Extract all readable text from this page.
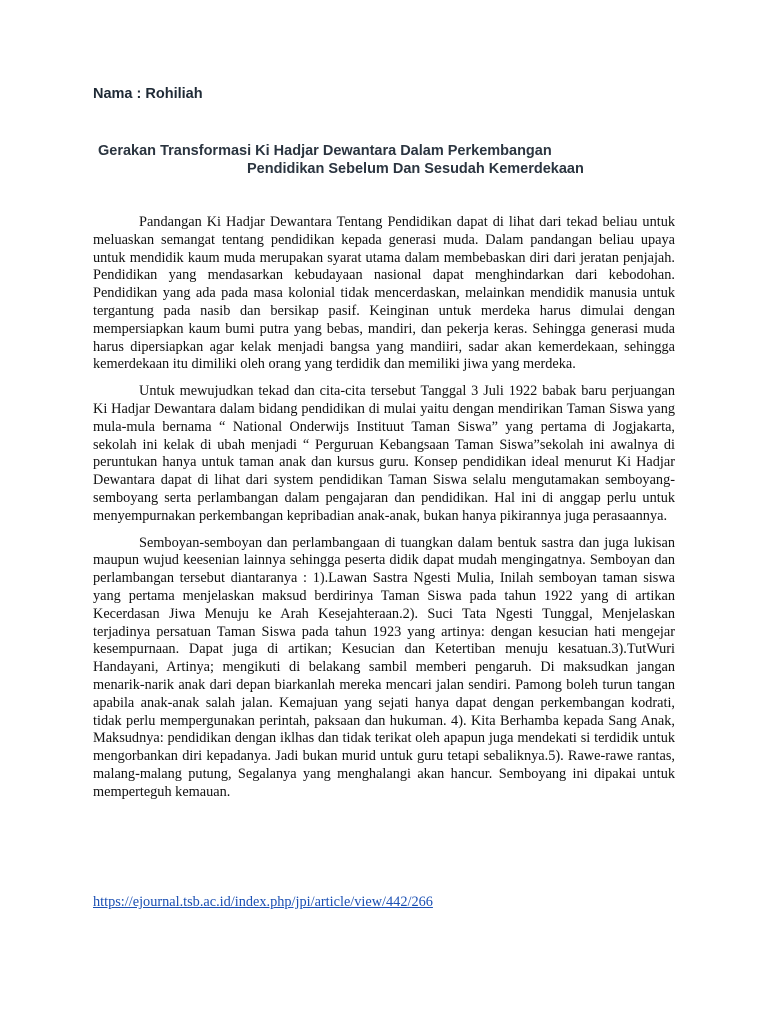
Nama : Rohiliah
Gerakan Transformasi Ki Hadjar Dewantara Dalam Perkembangan
Pendidikan Sebelum Dan Sesudah Kemerdekaan

Pandangan Ki Hadjar Dewantara Tentang Pendidikan dapat di lihat dari tekad beliau untuk meluaskan semangat tentang pendidikan kepada generasi muda. Dalam pandangan beliau upaya untuk mendidik kaum muda merupakan syarat utama dalam membebaskan diri dari jeratan penjajah. Pendidikan yang mendasarkan kebudayaan nasional dapat menghindarkan dari kebodohan. Pendidikan yang ada pada masa kolonial tidak mencerdaskan, melainkan mendidik manusia untuk tergantung pada nasib dan bersikap pasif. Keinginan untuk merdeka harus dimulai dengan mempersiapkan kaum bumi putra yang bebas, mandiri, dan pekerja keras. Sehingga generasi muda harus dipersiapkan agar kelak menjadi bangsa yang mandiiri, sadar akan kemerdekaan, sehingga kemerdekaan itu dimiliki oleh orang yang terdidik dan memiliki jiwa yang merdeka.

Untuk mewujudkan tekad dan cita-cita tersebut Tanggal 3 Juli 1922 babak baru perjuangan Ki Hadjar Dewantara dalam bidang pendidikan di mulai yaitu dengan mendirikan Taman Siswa yang mula-mula bernama “ National Onderwijs Instituut Taman Siswa” yang pertama di Jogjakarta, sekolah ini kelak di ubah menjadi “ Perguruan Kebangsaan Taman Siswa”sekolah ini awalnya di peruntukan hanya untuk taman anak dan kursus guru. Konsep pendidikan ideal menurut Ki Hadjar Dewantara dapat di lihat dari system pendidikan Taman Siswa selalu mengutamakan semboyang-semboyang serta perlambangan dalam pengajaran dan pendidikan. Hal ini di anggap perlu untuk menyempurnakan perkembangan kepribadian anak-anak, bukan hanya pikirannya juga perasaannya.

Semboyan-semboyan dan perlambangaan di tuangkan dalam bentuk sastra dan juga lukisan maupun wujud keesenian lainnya sehingga peserta didik dapat mudah mengingatnya. Semboyan dan perlambangan tersebut diantaranya : 1).Lawan Sastra Ngesti Mulia, Inilah semboyan taman siswa yang pertama menjelaskan maksud berdirinya Taman Siswa pada tahun 1922 yang di artikan Kecerdasan Jiwa Menuju ke Arah Kesejahteraan.2). Suci Tata Ngesti Tunggal, Menjelaskan terjadinya persatuan Taman Siswa pada tahun 1923 yang artinya: dengan kesucian hati mengejar kesempurnaan. Dapat juga di artikan; Kesucian dan Ketertiban menuju kesatuan.3).TutWuri Handayani, Artinya; mengikuti di belakang sambil memberi pengaruh. Di maksudkan jangan menarik-narik anak dari depan biarkanlah mereka mencari jalan sendiri. Pamong boleh turun tangan apabila anak-anak salah jalan. Kemajuan yang sejati hanya dapat dengan perkembangan kodrati, tidak perlu mempergunakan perintah, paksaan dan hukuman. 4). Kita Berhamba kepada Sang Anak, Maksudnya: pendidikan dengan iklhas dan tidak terikat oleh apapun juga mendekati si terdidik untuk mengorbankan diri kepadanya. Jadi bukan murid untuk guru tetapi sebaliknya.5). Rawe-rawe rantas, malang-malang putung, Segalanya yang menghalangi akan hancur. Semboyang ini dipakai untuk memperteguh kemauan.

https://ejournal.tsb.ac.id/index.php/jpi/article/view/442/266
